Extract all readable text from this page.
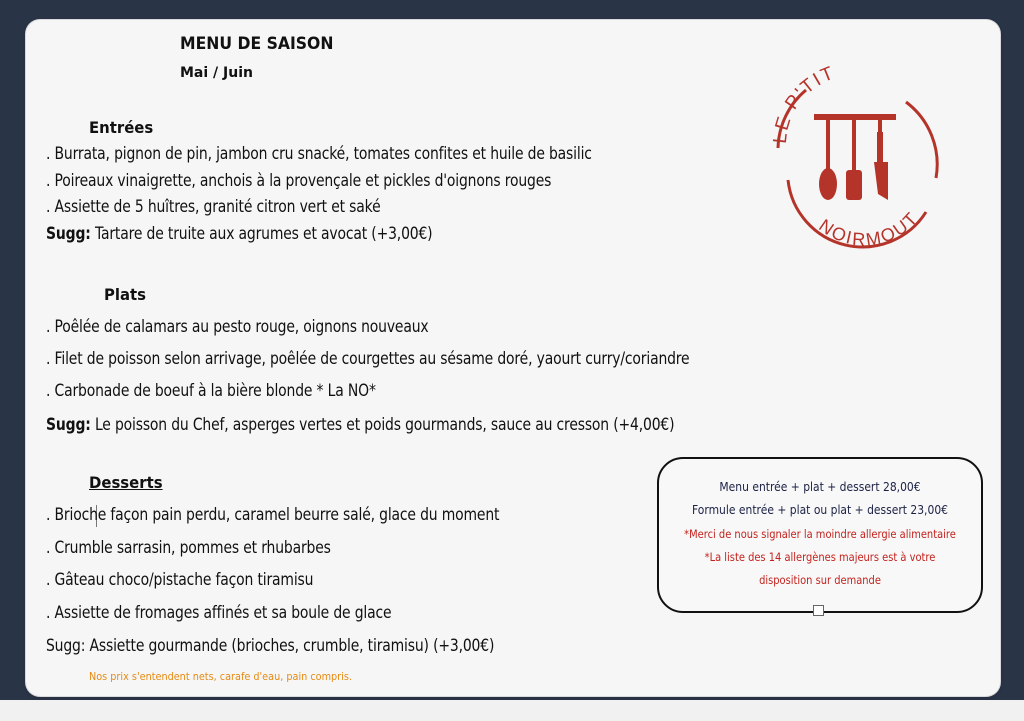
MENU DE SAISON
Mai / Juin
LE P'TIT
NOIRMOUT
Entrées
. Burrata, pignon de pin, jambon cru snacké, tomates confites et huile de basilic
. Poireaux vinaigrette, anchois à la provençale et pickles d'oignons rouges
. Assiette de 5 huîtres, granité citron vert et saké
Sugg: Tartare de truite aux agrumes et avocat (+3,00€)
Plats
. Poêlée de calamars au pesto rouge, oignons nouveaux
. Filet de poisson selon arrivage, poêlée de courgettes au sésame doré, yaourt curry/coriandre
. Carbonade de boeuf à la bière blonde * La NO*
Sugg: Le poisson du Chef, asperges vertes et poids gourmands, sauce au cresson (+4,00€)
Desserts
. Brioche façon pain perdu, caramel beurre salé, glace du moment
. Crumble sarrasin, pommes et rhubarbes
. Gâteau choco/pistache façon tiramisu
. Assiette de fromages affinés et sa boule de glace
Sugg: Assiette gourmande (brioches, crumble, tiramisu) (+3,00€)
Nos prix s'entendent nets, carafe d'eau, pain compris.
Menu entrée + plat + dessert 28,00€
Formule entrée + plat ou plat + dessert 23,00€
*Merci de nous signaler la moindre allergie alimentaire
*La liste des 14 allergènes majeurs est à votre
disposition sur demande
